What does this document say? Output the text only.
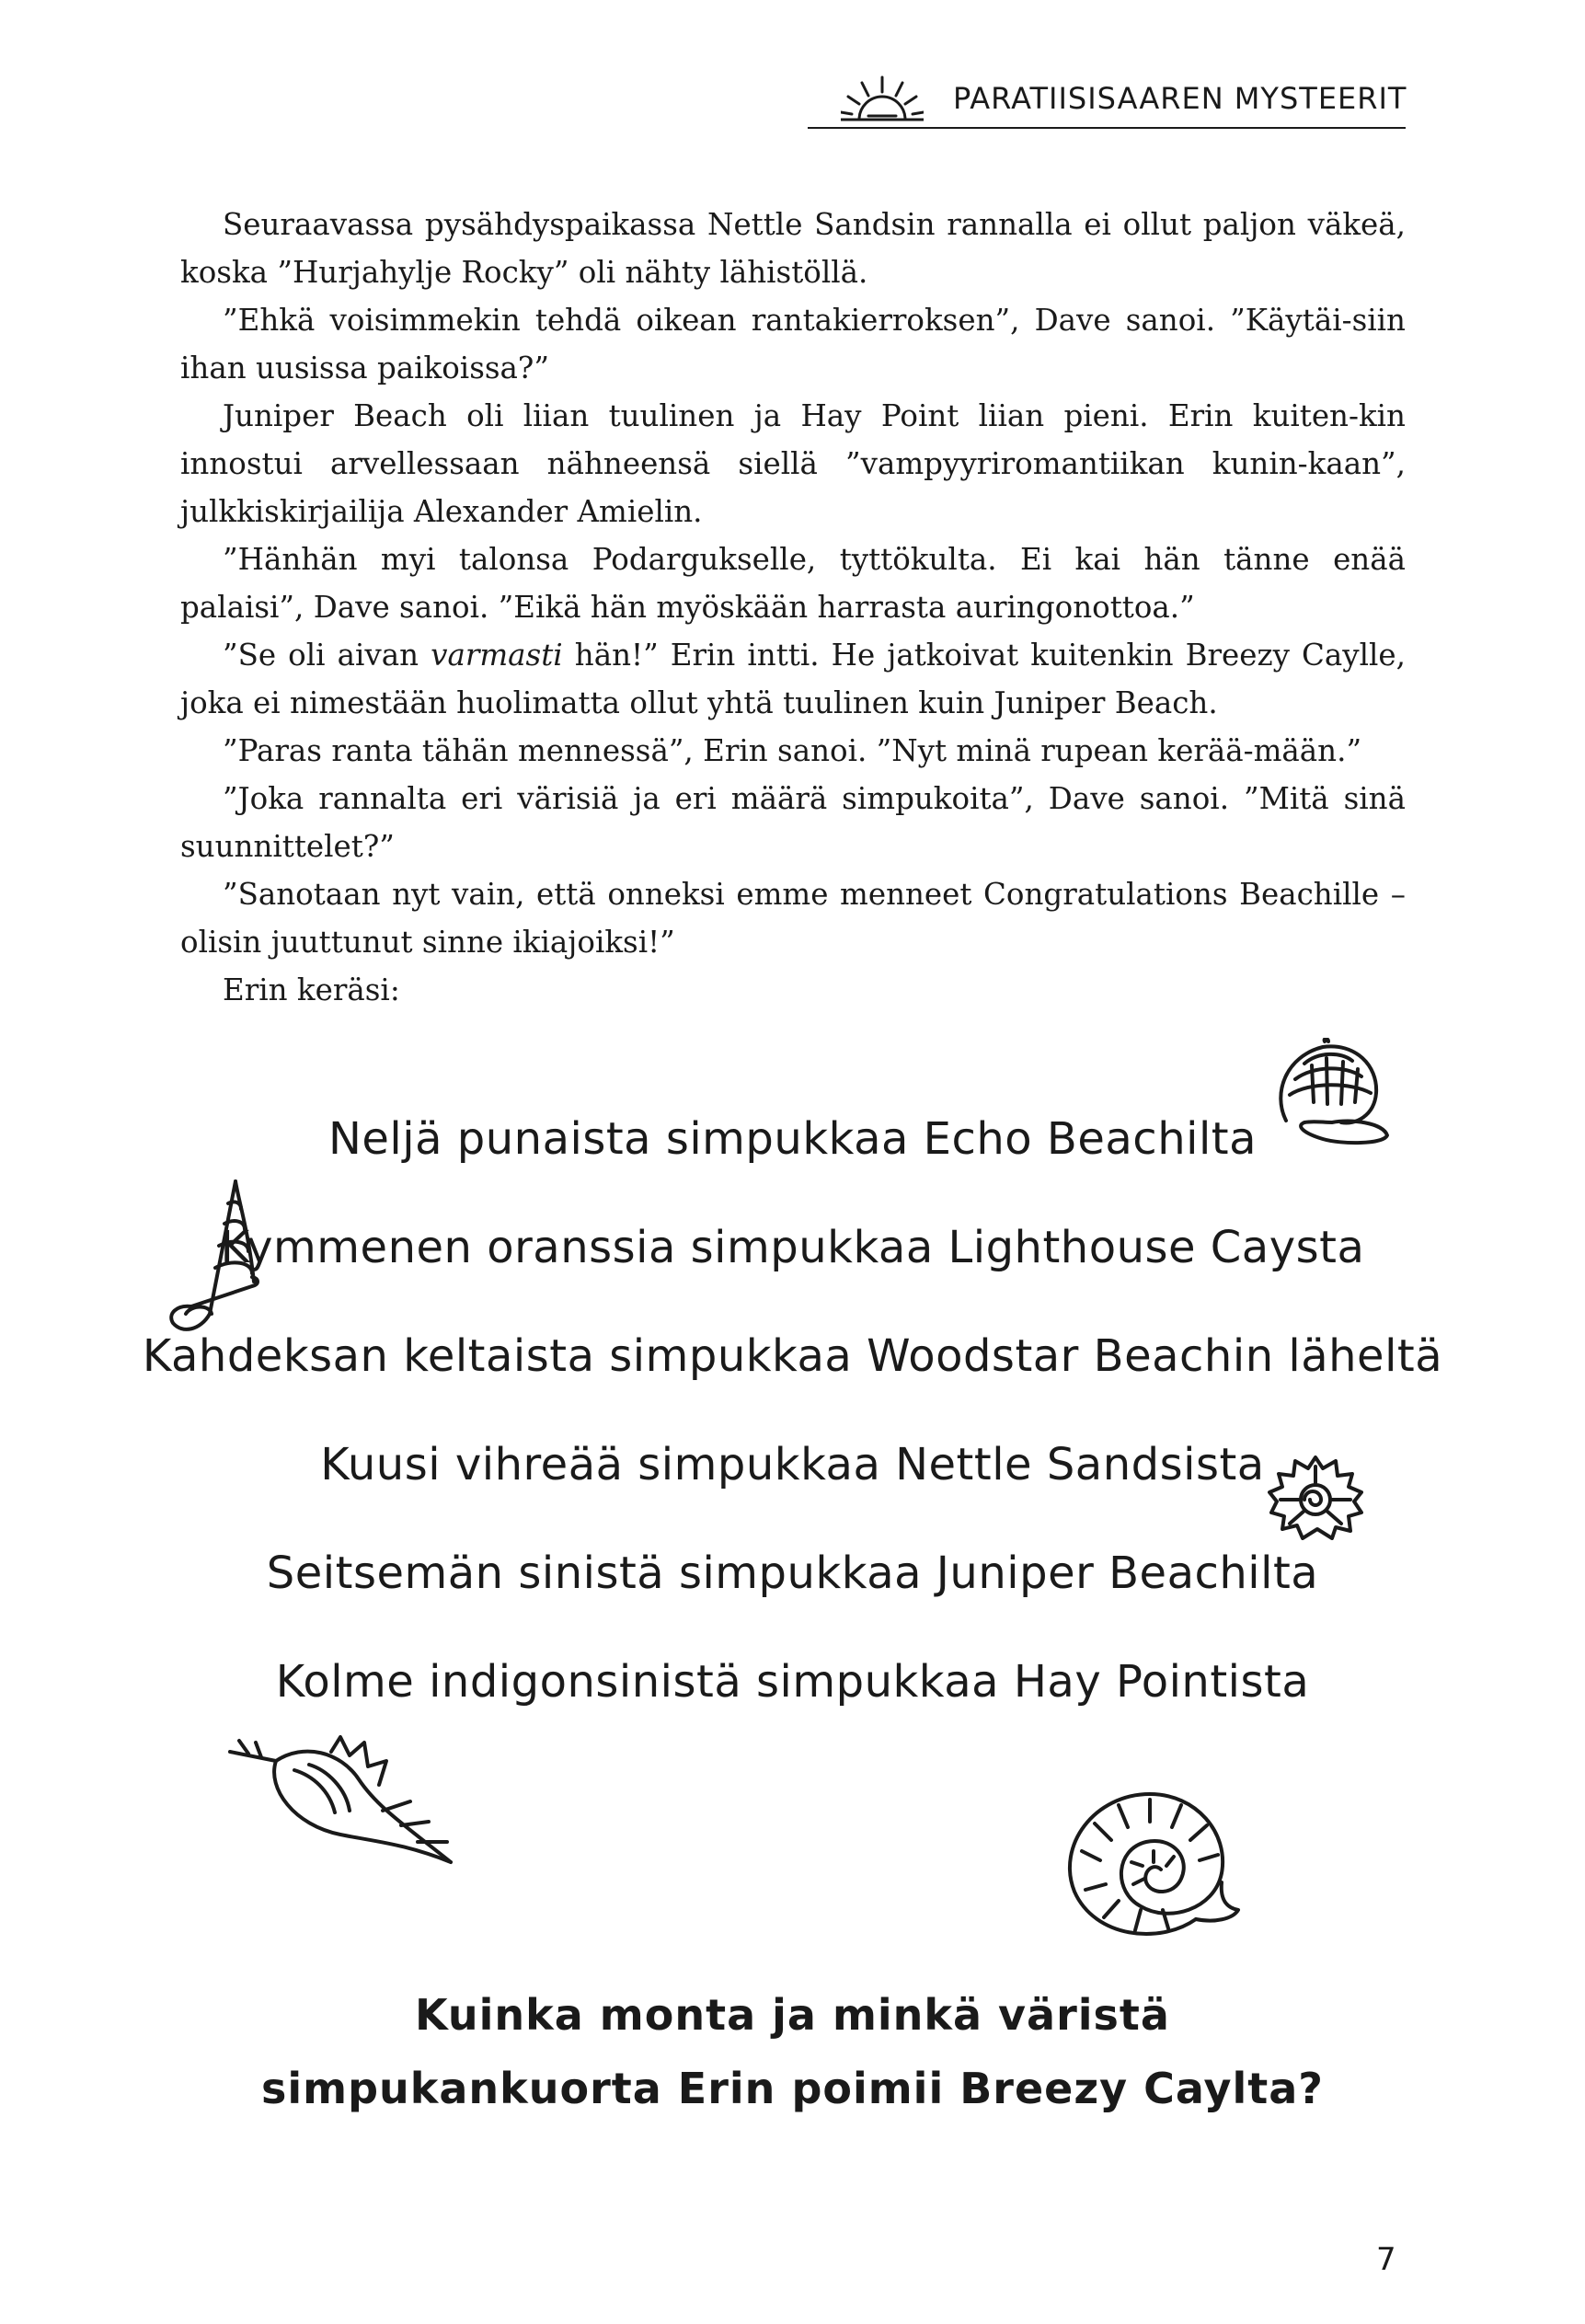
PARATIISISAAREN MYSTEERIT

Seuraavassa pysähdyspaikassa Nettle Sandsin rannalla ei ollut paljon väkeä, koska ”Hurjahylje Rocky” oli nähty lähistöllä.

”Ehkä voisimmekin tehdä oikean rantakierroksen”, Dave sanoi. ”Käytäi-siin ihan uusissa paikoissa?”

Juniper Beach oli liian tuulinen ja Hay Point liian pieni. Erin kuiten-kin innostui arvellessaan nähneensä siellä ”vampyyriromantiikan kunin-kaan”, julkkiskirjailija Alexander Amielin.

”Hänhän myi talonsa Podargukselle, tyttökulta. Ei kai hän tänne enää palaisi”, Dave sanoi. ”Eikä hän myöskään harrasta auringonottoa.”

”Se oli aivan varmasti hän!” Erin intti. He jatkoivat kuitenkin Breezy Caylle, joka ei nimestään huolimatta ollut yhtä tuulinen kuin Juniper Beach.

”Paras ranta tähän mennessä”, Erin sanoi. ”Nyt minä rupean kerää-mään.”

”Joka rannalta eri värisiä ja eri määrä simpukoita”, Dave sanoi. ”Mitä sinä suunnittelet?”

”Sanotaan nyt vain, että onneksi emme menneet Congratulations Beachille – olisin juuttunut sinne ikiajoiksi!”

Erin keräsi:

Neljä punaista simpukkaa Echo Beachilta
Kymmenen oranssia simpukkaa Lighthouse Caysta
Kahdeksan keltaista simpukkaa Woodstar Beachin läheltä
Kuusi vihreää simpukkaa Nettle Sandsista
Seitsemän sinistä simpukkaa Juniper Beachilta
Kolme indigonsinistä simpukkaa Hay Pointista
Kuinka monta ja minkä väristä
simpukankuorta Erin poimii Breezy Caylta?
7
